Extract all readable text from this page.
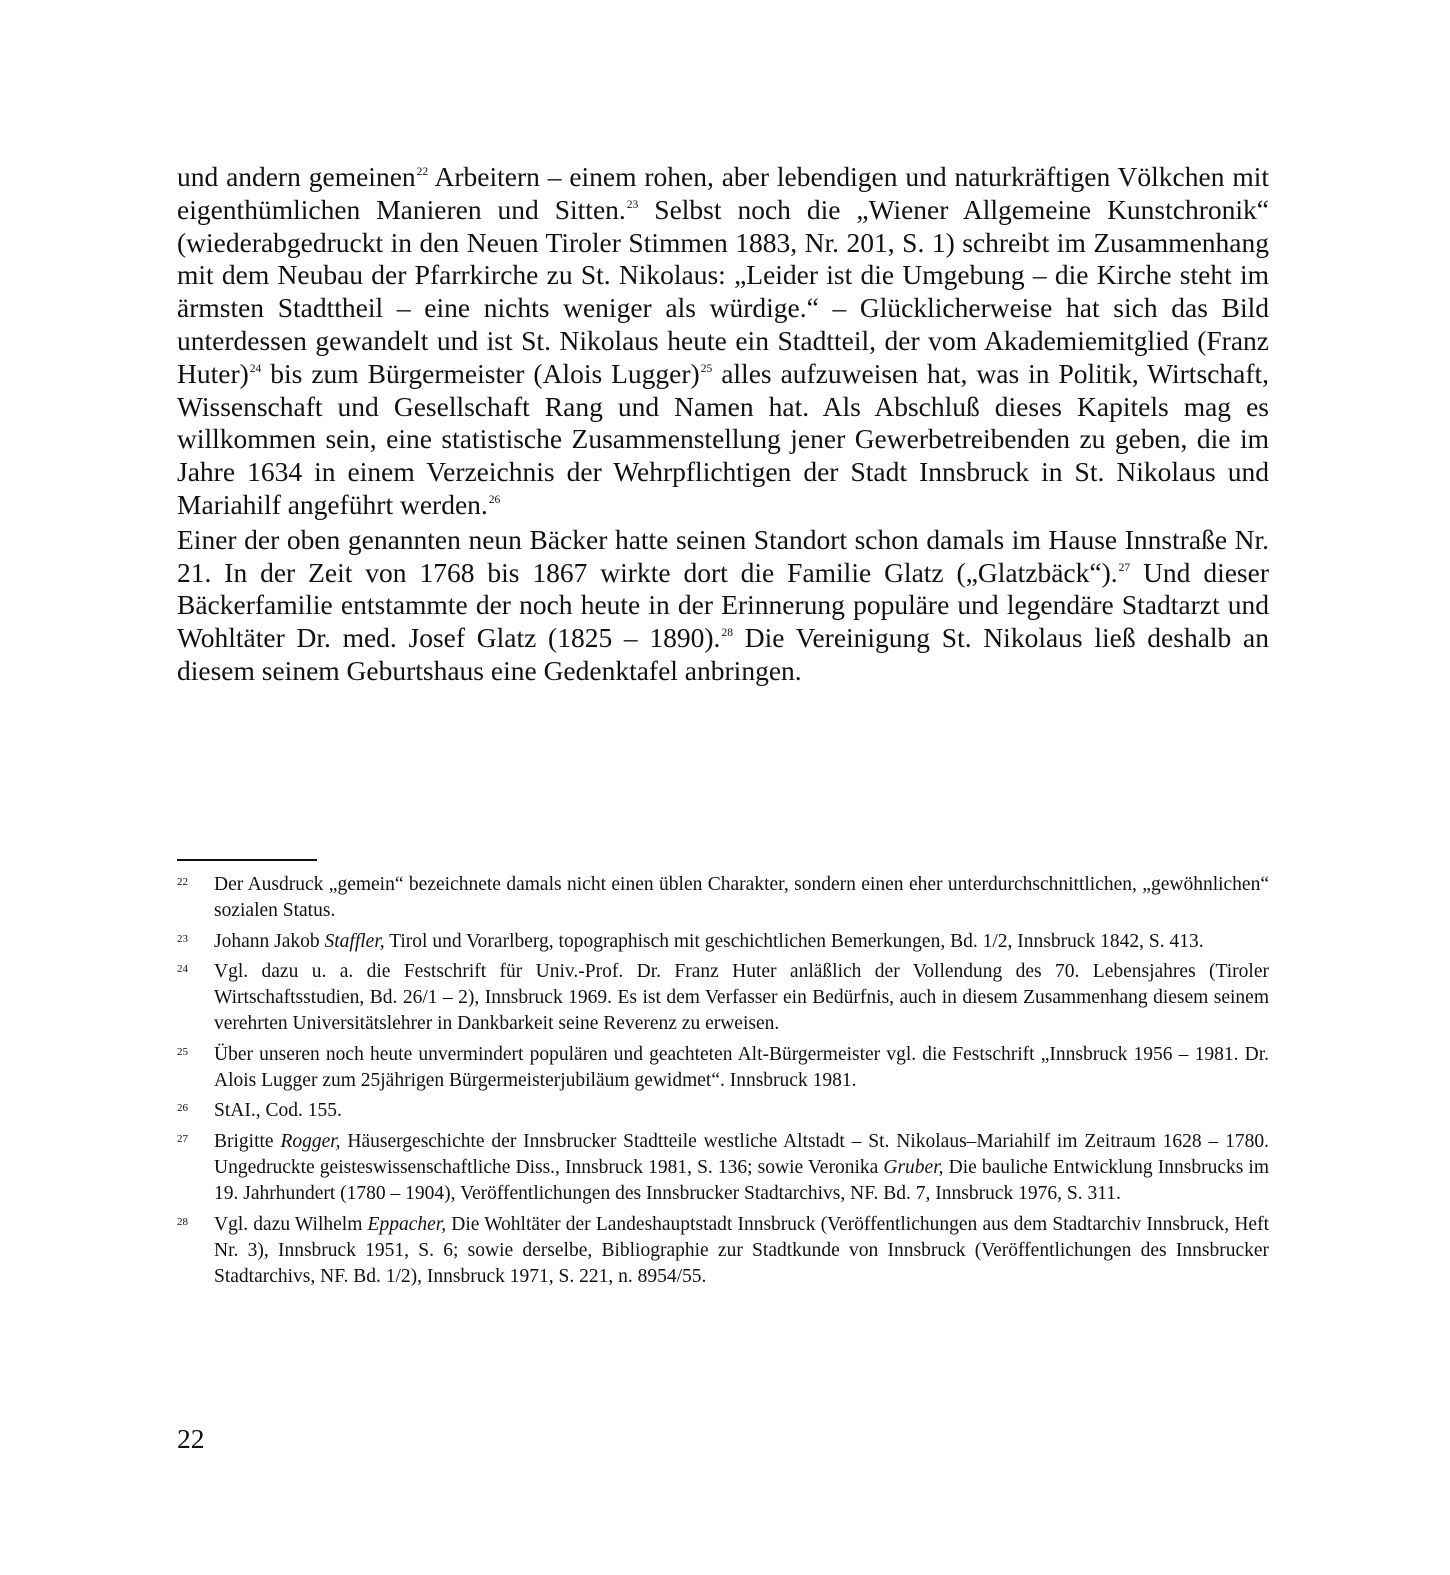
und andern gemeinen$^{22}$ Arbeitern – einem rohen, aber lebendigen und naturkräftigen Völkchen mit eigenthümlichen Manieren und Sitten.$^{23}$ Selbst noch die „Wiener Allgemeine Kunstchronik“ (wiederabgedruckt in den Neuen Tiroler Stimmen 1883, Nr. 201, S. 1) schreibt im Zusammenhang mit dem Neubau der Pfarrkirche zu St. Nikolaus: „Leider ist die Umgebung – die Kirche steht im ärmsten Stadttheil – eine nichts weniger als würdige.“ – Glücklicherweise hat sich das Bild unterdessen gewandelt und ist St. Nikolaus heute ein Stadtteil, der vom Akademiemitglied (Franz Huter)$^{24}$ bis zum Bürgermeister (Alois Lugger)$^{25}$ alles aufzuweisen hat, was in Politik, Wirtschaft, Wissenschaft und Gesellschaft Rang und Namen hat. Als Abschluß dieses Kapitels mag es willkommen sein, eine statistische Zusammenstellung jener Gewerbetreibenden zu geben, die im Jahre 1634 in einem Verzeichnis der Wehrpflichtigen der Stadt Innsbruck in St. Nikolaus und Mariahilf angeführt werden.$^{26}$

Einer der oben genannten neun Bäcker hatte seinen Standort schon damals im Hause Innstraße Nr. 21. In der Zeit von 1768 bis 1867 wirkte dort die Familie Glatz („Glatzbäck“).$^{27}$ Und dieser Bäckerfamilie entstammte der noch heute in der Erinnerung populäre und legendäre Stadtarzt und Wohltäter Dr. med. Josef Glatz (1825 – 1890).$^{28}$ Die Vereinigung St. Nikolaus ließ deshalb an diesem seinem Geburtshaus eine Gedenktafel anbringen.

22 Der Ausdruck „gemein“ bezeichnete damals nicht einen üblen Charakter, sondern einen eher unterdurchschnittlichen, „gewöhnlichen“ sozialen Status.
23 Johann Jakob Staffler, Tirol und Vorarlberg, topographisch mit geschichtlichen Bemerkungen, Bd. 1/2, Innsbruck 1842, S. 413.
24 Vgl. dazu u. a. die Festschrift für Univ.-Prof. Dr. Franz Huter anläßlich der Vollendung des 70. Lebensjahres (Tiroler Wirtschaftsstudien, Bd. 26/1 – 2), Innsbruck 1969. Es ist dem Verfasser ein Bedürfnis, auch in diesem Zusammenhang diesem seinem verehrten Universitätslehrer in Dankbarkeit seine Reverenz zu erweisen.
25 Über unseren noch heute unvermindert populären und geachteten Alt-Bürgermeister vgl. die Festschrift „Innsbruck 1956 – 1981. Dr. Alois Lugger zum 25jährigen Bürgermeisterjubiläum gewidmet“. Innsbruck 1981.
26 StAI., Cod. 155.
27 Brigitte Rogger, Häusergeschichte der Innsbrucker Stadtteile westliche Altstadt – St. Nikolaus–Mariahilf im Zeitraum 1628 – 1780. Ungedruckte geisteswissenschaftliche Diss., Innsbruck 1981, S. 136; sowie Veronika Gruber, Die bauliche Entwicklung Innsbrucks im 19. Jahrhundert (1780 – 1904), Veröffentlichungen des Innsbrucker Stadtarchivs, NF. Bd. 7, Innsbruck 1976, S. 311.
28 Vgl. dazu Wilhelm Eppacher, Die Wohltäter der Landeshauptstadt Innsbruck (Veröffentlichungen aus dem Stadtarchiv Innsbruck, Heft Nr. 3), Innsbruck 1951, S. 6; sowie derselbe, Bibliographie zur Stadtkunde von Innsbruck (Veröffentlichungen des Innsbrucker Stadtarchivs, NF. Bd. 1/2), Innsbruck 1971, S. 221, n. 8954/55.
22
